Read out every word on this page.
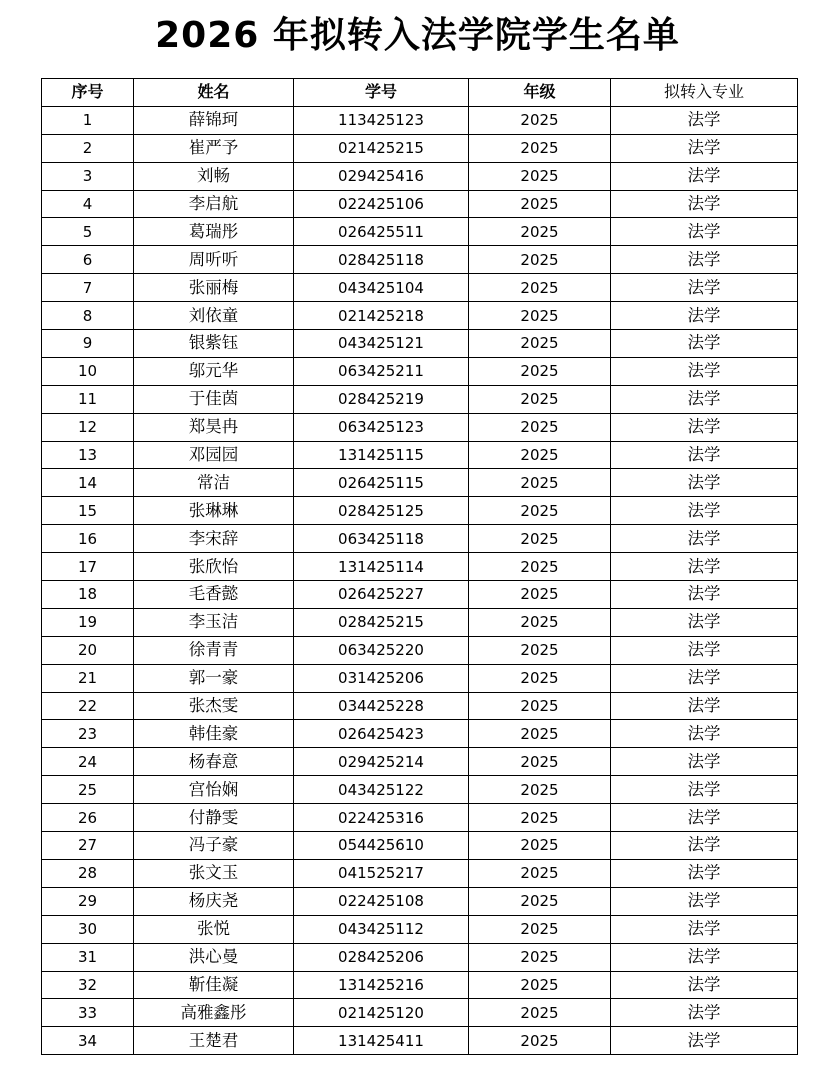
2026 年拟转入法学院学生名单
序号	姓名	学号	年级	拟转入专业
1	薛锦珂	113425123	2025	法学
2	崔严予	021425215	2025	法学
3	刘畅	029425416	2025	法学
4	李启航	022425106	2025	法学
5	葛瑞彤	026425511	2025	法学
6	周听听	028425118	2025	法学
7	张丽梅	043425104	2025	法学
8	刘依童	021425218	2025	法学
9	银紫钰	043425121	2025	法学
10	邬元华	063425211	2025	法学
11	于佳茵	028425219	2025	法学
12	郑昊冉	063425123	2025	法学
13	邓园园	131425115	2025	法学
14	常洁	026425115	2025	法学
15	张琳琳	028425125	2025	法学
16	李宋辞	063425118	2025	法学
17	张欣怡	131425114	2025	法学
18	毛香懿	026425227	2025	法学
19	李玉洁	028425215	2025	法学
20	徐青青	063425220	2025	法学
21	郭一豪	031425206	2025	法学
22	张杰雯	034425228	2025	法学
23	韩佳豪	026425423	2025	法学
24	杨春意	029425214	2025	法学
25	宫怡娴	043425122	2025	法学
26	付静雯	022425316	2025	法学
27	冯子豪	054425610	2025	法学
28	张文玉	041525217	2025	法学
29	杨庆尧	022425108	2025	法学
30	张悦	043425112	2025	法学
31	洪心曼	028425206	2025	法学
32	靳佳凝	131425216	2025	法学
33	高雅鑫彤	021425120	2025	法学
34	王楚君	131425411	2025	法学
